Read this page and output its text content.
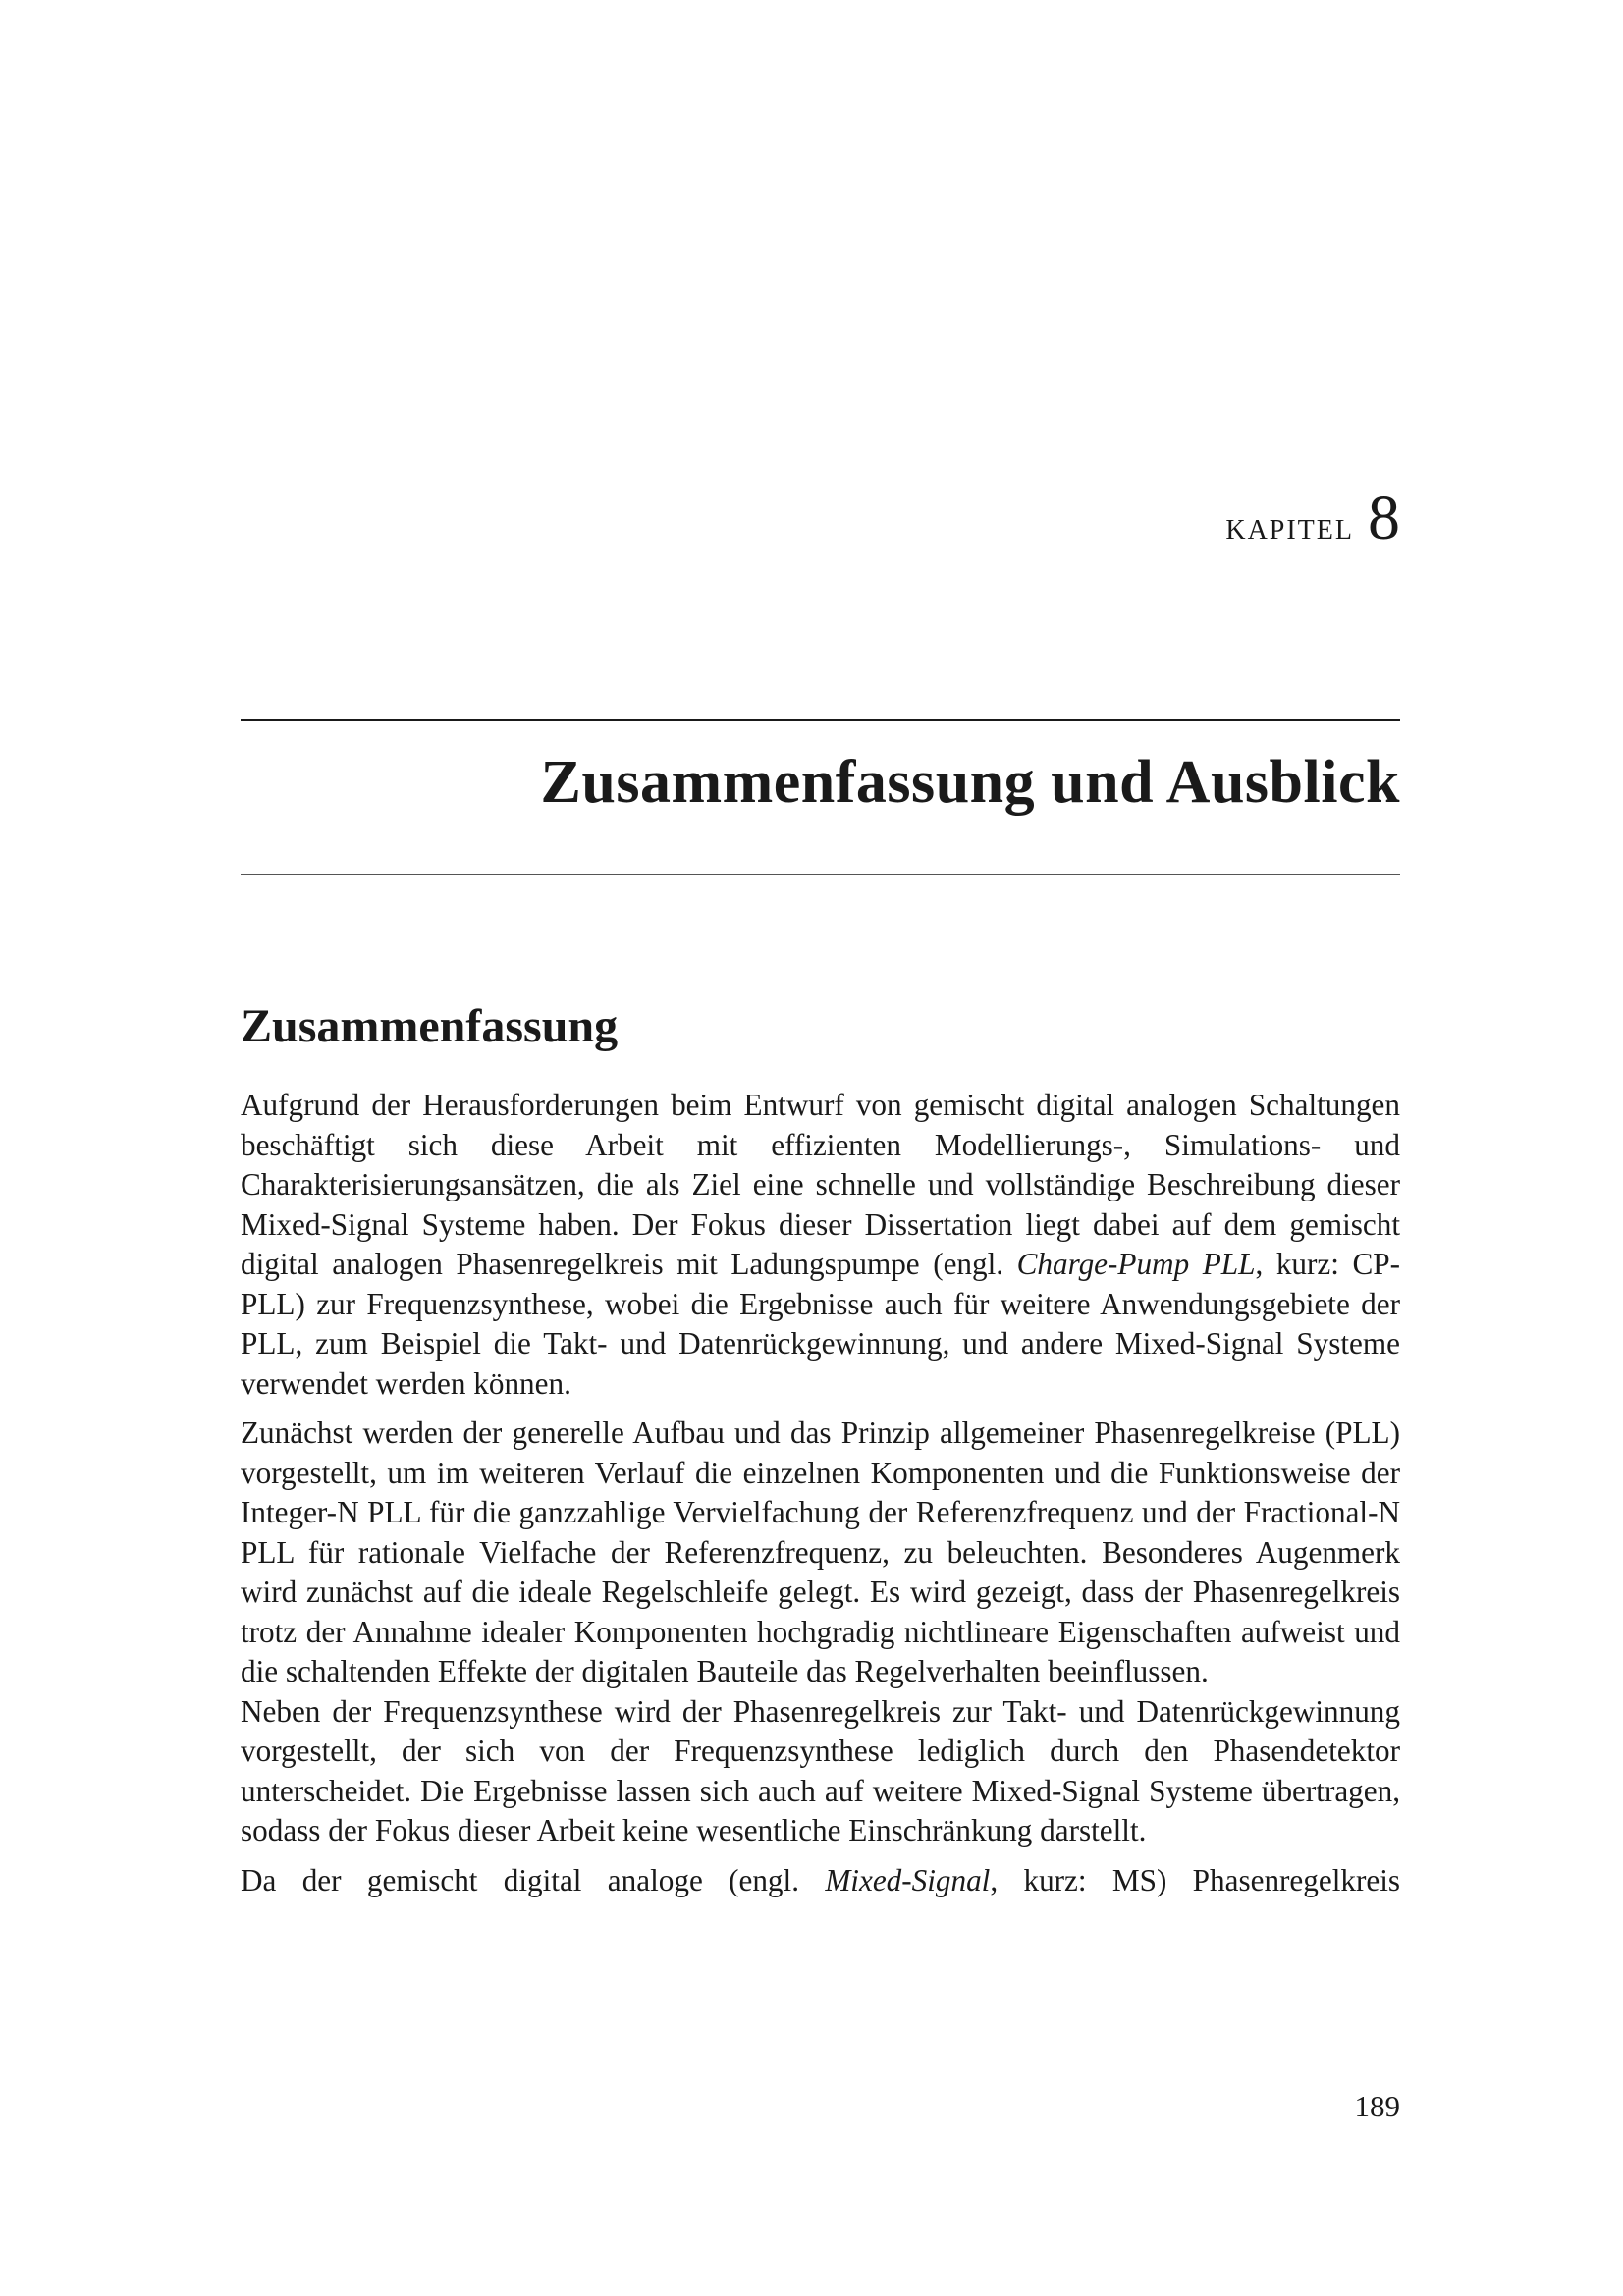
kapitel 8
Zusammenfassung und Ausblick
Zusammenfassung

Aufgrund der Herausforderungen beim Entwurf von gemischt digital analogen Schaltungen beschäftigt sich diese Arbeit mit effizienten Modellierungs-, Simulations- und Charakterisierungsansätzen, die als Ziel eine schnelle und vollständige Beschreibung dieser Mixed-Signal Systeme haben. Der Fokus dieser Dissertation liegt dabei auf dem gemischt digital analogen Phasenregelkreis mit Ladungspumpe (engl. Charge-Pump PLL, kurz: CP-PLL) zur Frequenzsynthese, wobei die Ergebnisse auch für weitere Anwendungsgebiete der PLL, zum Beispiel die Takt- und Datenrückgewinnung, und andere Mixed-Signal Systeme verwendet werden können.

Zunächst werden der generelle Aufbau und das Prinzip allgemeiner Phasenregelkreise (PLL) vorgestellt, um im weiteren Verlauf die einzelnen Komponenten und die Funktionsweise der Integer-N PLL für die ganzzahlige Vervielfachung der Referenzfrequenz und der Fractional-N PLL für rationale Vielfache der Referenzfrequenz, zu beleuchten. Besonderes Augenmerk wird zunächst auf die ideale Regelschleife gelegt. Es wird gezeigt, dass der Phasenregelkreis trotz der Annahme idealer Komponenten hochgradig nichtlineare Eigenschaften aufweist und die schaltenden Effekte der digitalen Bauteile das Regelverhalten beeinflussen.

Neben der Frequenzsynthese wird der Phasenregelkreis zur Takt- und Datenrückgewinnung vorgestellt, der sich von der Frequenzsynthese lediglich durch den Phasendetektor unterscheidet. Die Ergebnisse lassen sich auch auf weitere Mixed-Signal Systeme übertragen, sodass der Fokus dieser Arbeit keine wesentliche Einschränkung darstellt.

Da der gemischt digital analoge (engl. Mixed-Signal, kurz: MS) Phasenregelkreis

189
